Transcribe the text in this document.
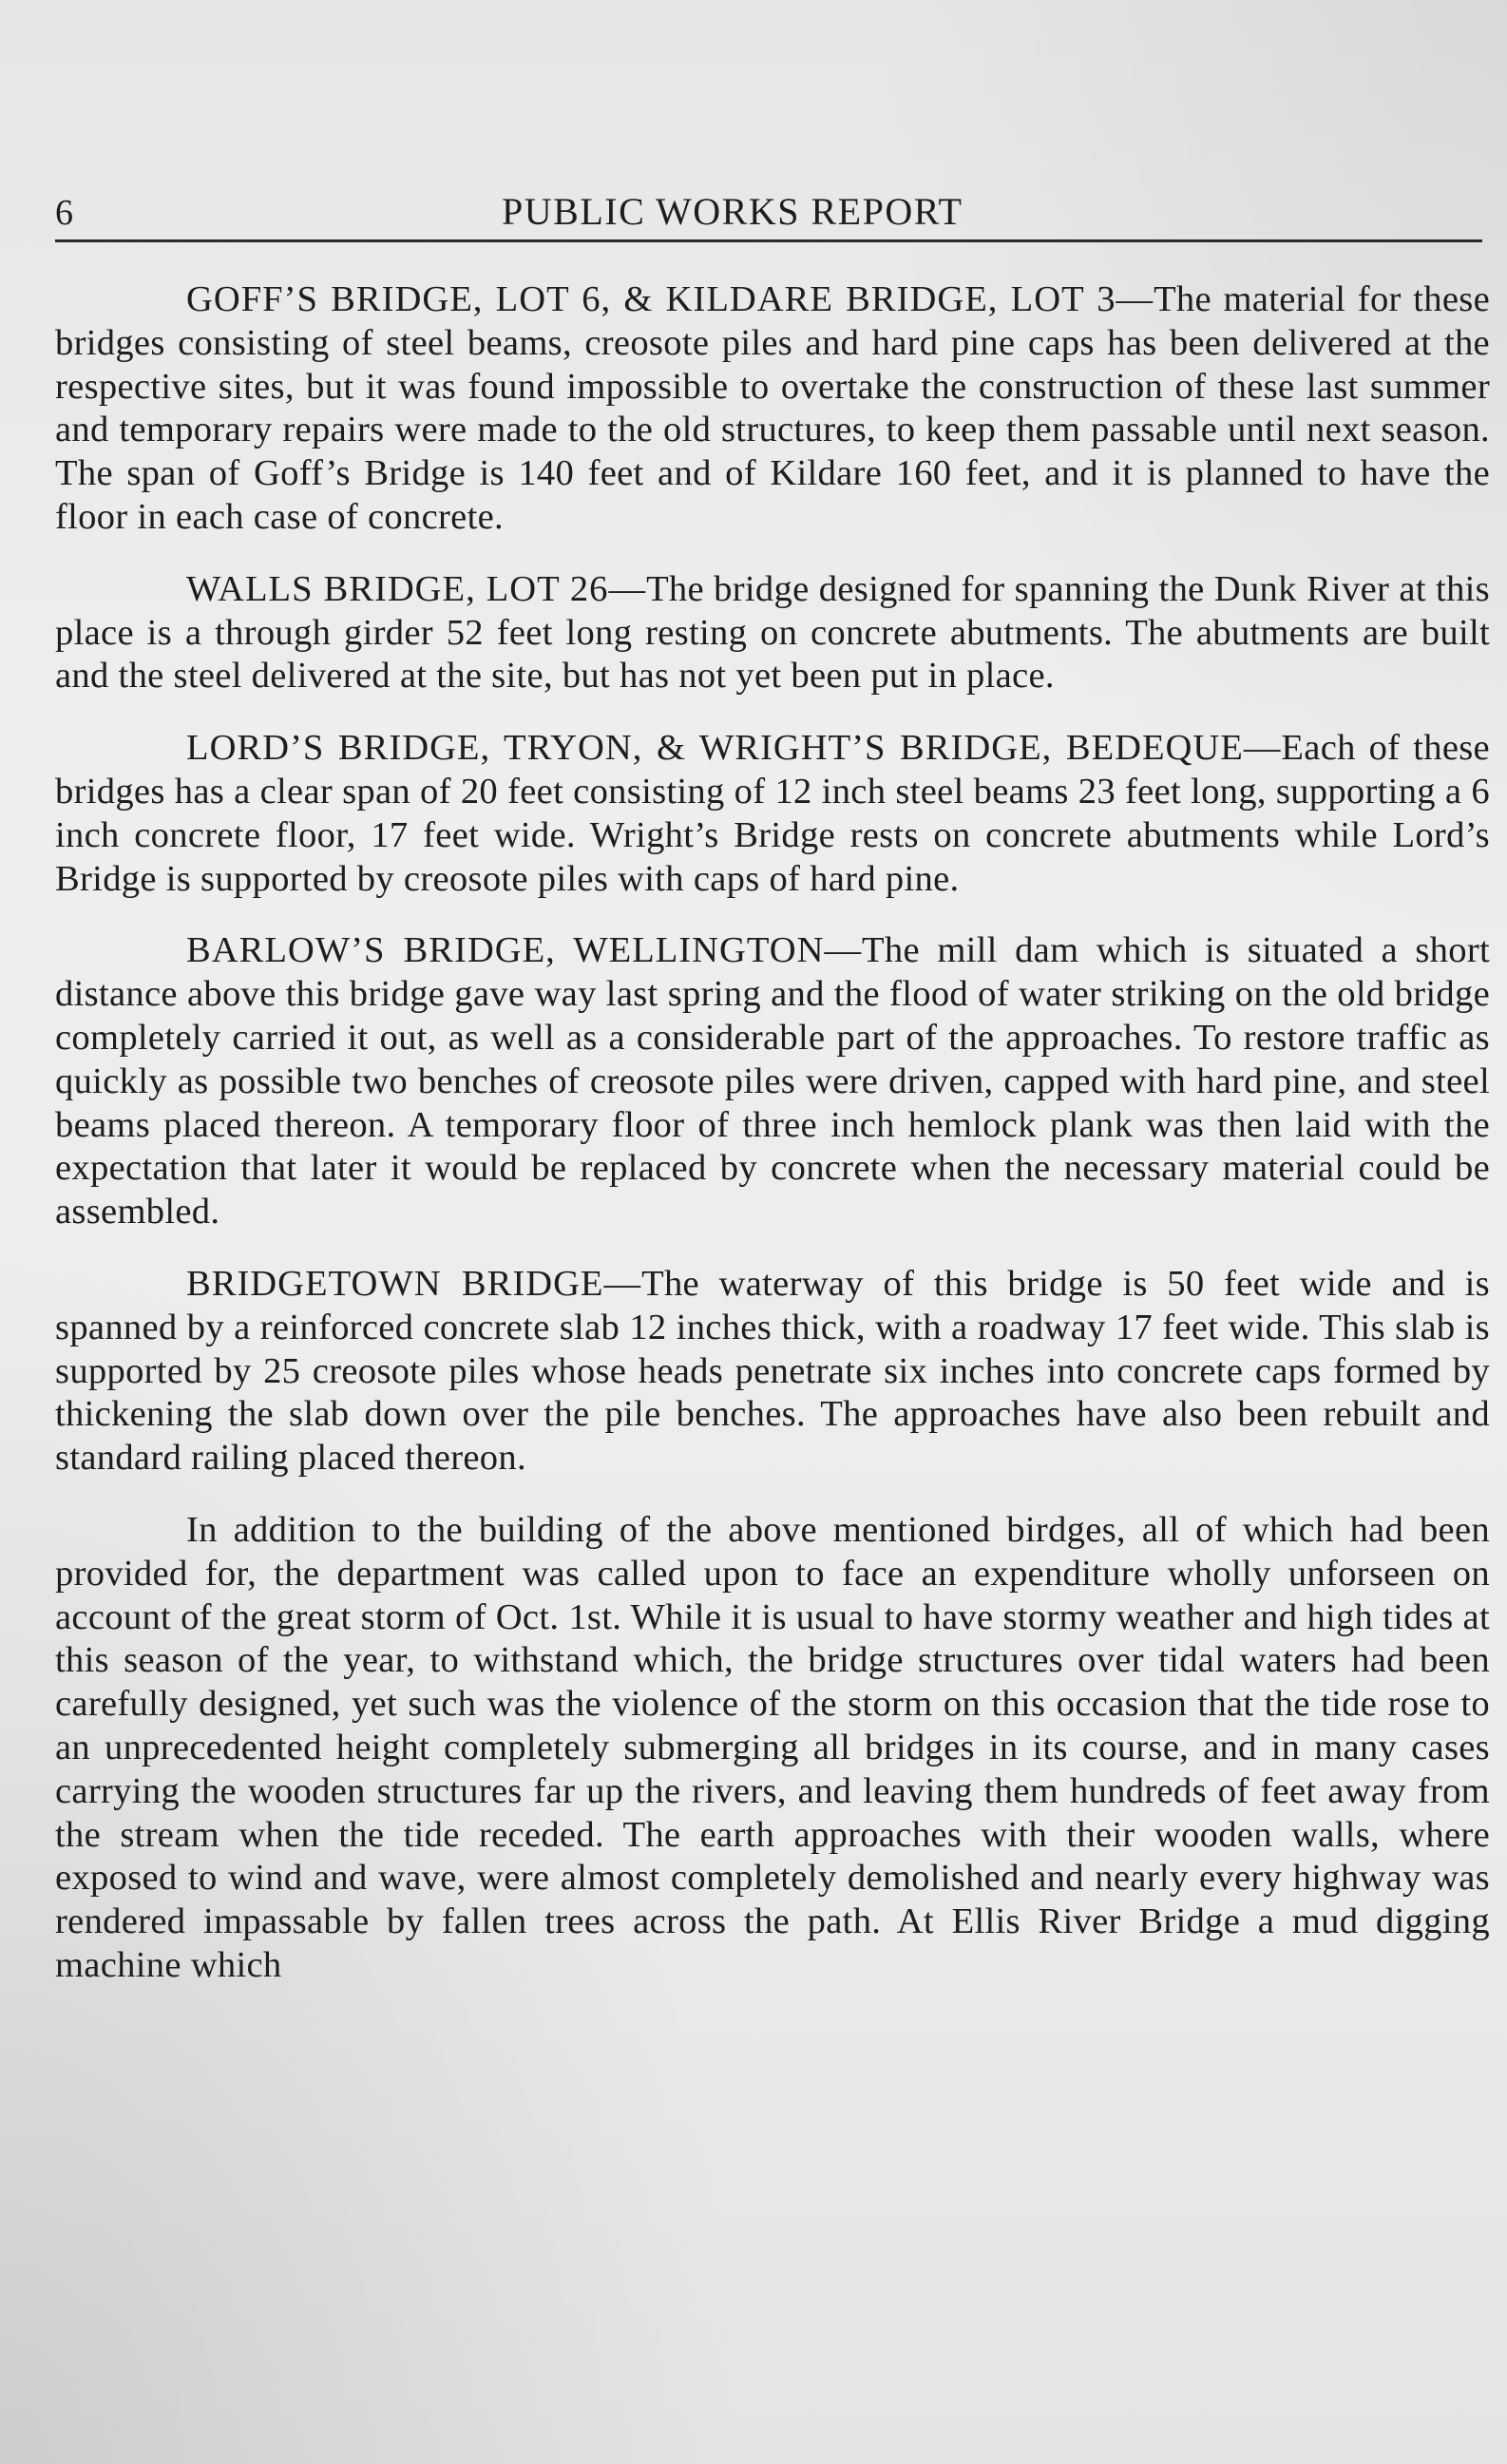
6	PUBLIC WORKS REPORT

GOFF’S BRIDGE, LOT 6, & KILDARE BRIDGE, LOT 3—The material for these bridges consisting of steel beams, creosote piles and hard pine caps has been delivered at the respective sites, but it was found impossible to overtake the construction of these last summer and temporary repairs were made to the old structures, to keep them passable until next season. The span of Goff’s Bridge is 140 feet and of Kildare 160 feet, and it is planned to have the floor in each case of concrete.

WALLS BRIDGE, LOT 26—The bridge designed for spanning the Dunk River at this place is a through girder 52 feet long resting on concrete abutments. The abutments are built and the steel delivered at the site, but has not yet been put in place.

LORD’S BRIDGE, TRYON, & WRIGHT’S BRIDGE, BEDEQUE—Each of these bridges has a clear span of 20 feet consisting of 12 inch steel beams 23 feet long, supporting a 6 inch concrete floor, 17 feet wide. Wright’s Bridge rests on concrete abutments while Lord’s Bridge is supported by creosote piles with caps of hard pine.

BARLOW’S BRIDGE, WELLINGTON—The mill dam which is situated a short distance above this bridge gave way last spring and the flood of water striking on the old bridge completely carried it out, as well as a considerable part of the approaches. To restore traffic as quickly as possible two benches of creosote piles were driven, capped with hard pine, and steel beams placed thereon. A temporary floor of three inch hemlock plank was then laid with the expectation that later it would be replaced by concrete when the necessary material could be assembled.

BRIDGETOWN BRIDGE—The waterway of this bridge is 50 feet wide and is spanned by a reinforced concrete slab 12 inches thick, with a roadway 17 feet wide. This slab is supported by 25 creosote piles whose heads penetrate six inches into concrete caps formed by thickening the slab down over the pile benches. The approaches have also been rebuilt and standard railing placed thereon.

In addition to the building of the above mentioned birdges, all of which had been provided for, the department was called upon to face an expenditure wholly unforseen on account of the great storm of Oct. 1st. While it is usual to have stormy weather and high tides at this season of the year, to withstand which, the bridge structures over tidal waters had been carefully designed, yet such was the violence of the storm on this occasion that the tide rose to an unprecedented height completely submerging all bridges in its course, and in many cases carrying the wooden structures far up the rivers, and leaving them hundreds of feet away from the stream when the tide receded. The earth approaches with their wooden walls, where exposed to wind and wave, were almost completely demolished and nearly every highway was rendered impassable by fallen trees across the path. At Ellis River Bridge a mud digging machine which
